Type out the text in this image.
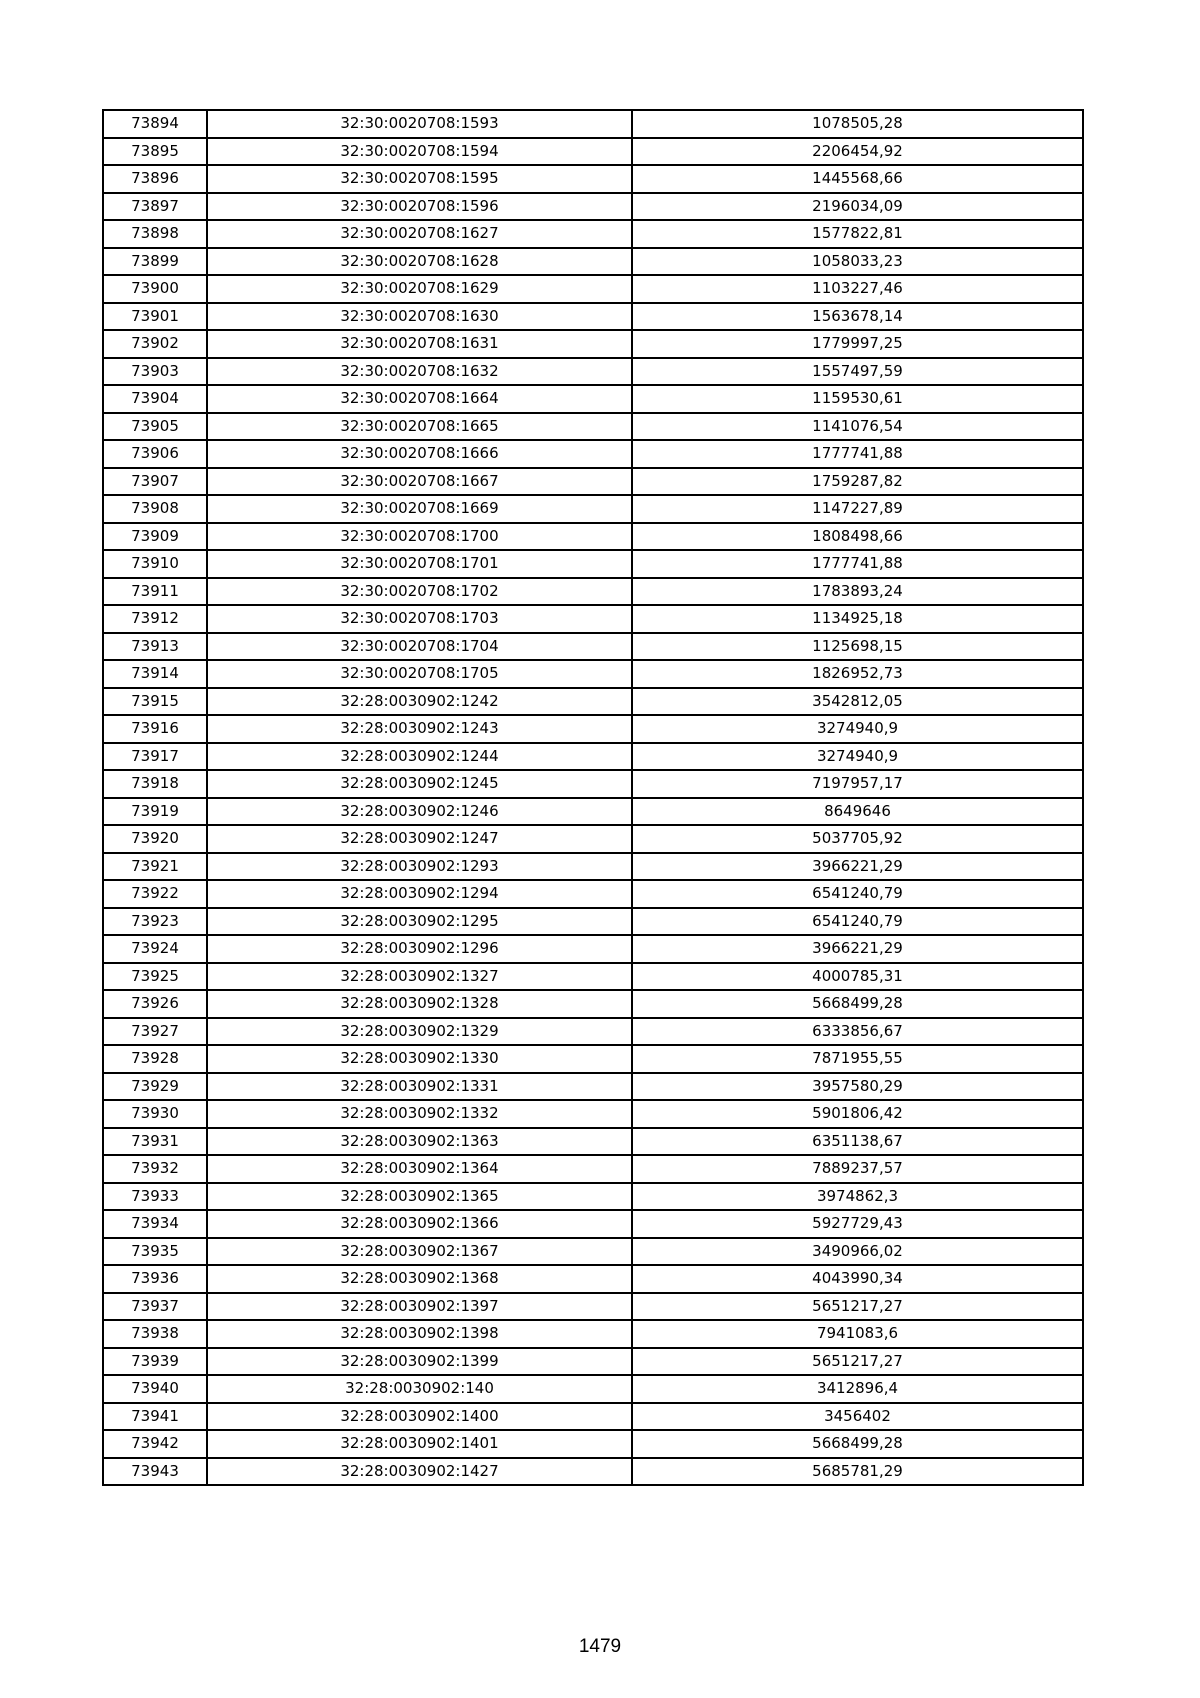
73894	32:30:0020708:1593	1078505,28
73895	32:30:0020708:1594	2206454,92
73896	32:30:0020708:1595	1445568,66
73897	32:30:0020708:1596	2196034,09
73898	32:30:0020708:1627	1577822,81
73899	32:30:0020708:1628	1058033,23
73900	32:30:0020708:1629	1103227,46
73901	32:30:0020708:1630	1563678,14
73902	32:30:0020708:1631	1779997,25
73903	32:30:0020708:1632	1557497,59
73904	32:30:0020708:1664	1159530,61
73905	32:30:0020708:1665	1141076,54
73906	32:30:0020708:1666	1777741,88
73907	32:30:0020708:1667	1759287,82
73908	32:30:0020708:1669	1147227,89
73909	32:30:0020708:1700	1808498,66
73910	32:30:0020708:1701	1777741,88
73911	32:30:0020708:1702	1783893,24
73912	32:30:0020708:1703	1134925,18
73913	32:30:0020708:1704	1125698,15
73914	32:30:0020708:1705	1826952,73
73915	32:28:0030902:1242	3542812,05
73916	32:28:0030902:1243	3274940,9
73917	32:28:0030902:1244	3274940,9
73918	32:28:0030902:1245	7197957,17
73919	32:28:0030902:1246	8649646
73920	32:28:0030902:1247	5037705,92
73921	32:28:0030902:1293	3966221,29
73922	32:28:0030902:1294	6541240,79
73923	32:28:0030902:1295	6541240,79
73924	32:28:0030902:1296	3966221,29
73925	32:28:0030902:1327	4000785,31
73926	32:28:0030902:1328	5668499,28
73927	32:28:0030902:1329	6333856,67
73928	32:28:0030902:1330	7871955,55
73929	32:28:0030902:1331	3957580,29
73930	32:28:0030902:1332	5901806,42
73931	32:28:0030902:1363	6351138,67
73932	32:28:0030902:1364	7889237,57
73933	32:28:0030902:1365	3974862,3
73934	32:28:0030902:1366	5927729,43
73935	32:28:0030902:1367	3490966,02
73936	32:28:0030902:1368	4043990,34
73937	32:28:0030902:1397	5651217,27
73938	32:28:0030902:1398	7941083,6
73939	32:28:0030902:1399	5651217,27
73940	32:28:0030902:140	3412896,4
73941	32:28:0030902:1400	3456402
73942	32:28:0030902:1401	5668499,28
73943	32:28:0030902:1427	5685781,29
1479
